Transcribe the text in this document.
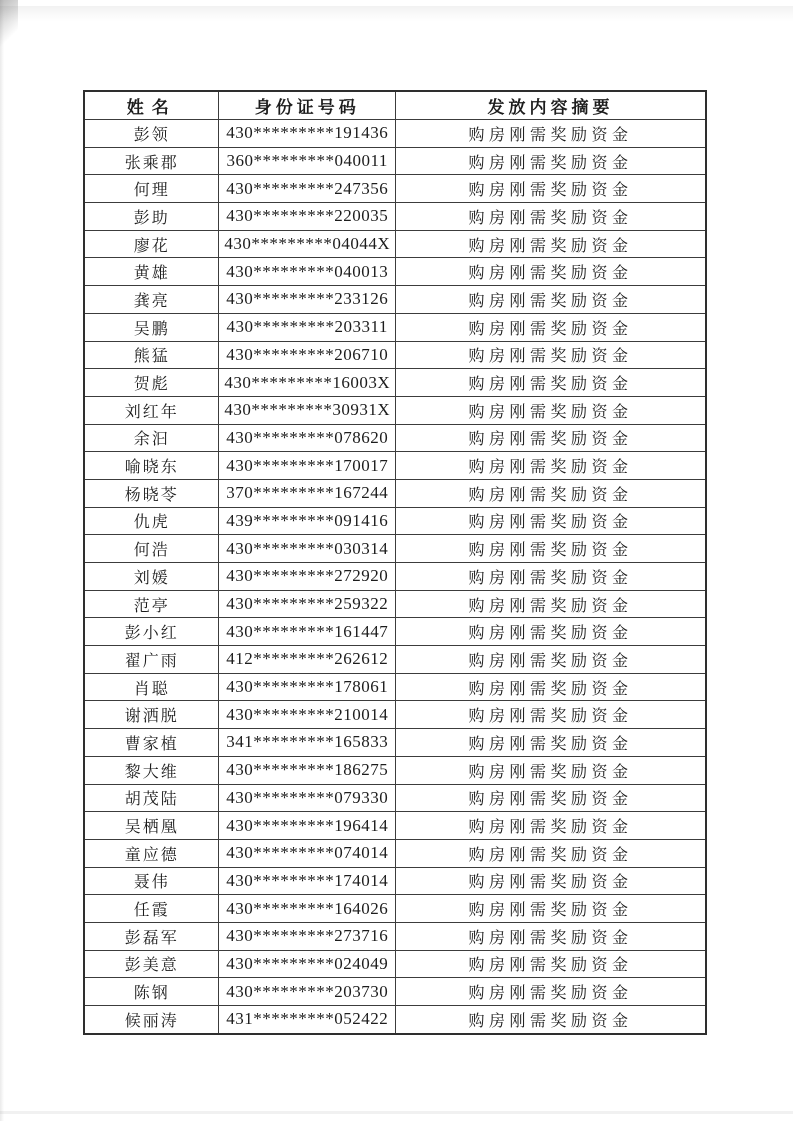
姓名	身份证号码	发放内容摘要
彭领	430*********191436	购房刚需奖励资金
张乘郡	360*********040011	购房刚需奖励资金
何理	430*********247356	购房刚需奖励资金
彭助	430*********220035	购房刚需奖励资金
廖花	430*********04044X	购房刚需奖励资金
黄雄	430*********040013	购房刚需奖励资金
龚亮	430*********233126	购房刚需奖励资金
吴鹏	430*********203311	购房刚需奖励资金
熊猛	430*********206710	购房刚需奖励资金
贺彪	430*********16003X	购房刚需奖励资金
刘红年	430*********30931X	购房刚需奖励资金
余汩	430*********078620	购房刚需奖励资金
喻晓东	430*********170017	购房刚需奖励资金
杨晓苓	370*********167244	购房刚需奖励资金
仇虎	439*********091416	购房刚需奖励资金
何浩	430*********030314	购房刚需奖励资金
刘媛	430*********272920	购房刚需奖励资金
范亭	430*********259322	购房刚需奖励资金
彭小红	430*********161447	购房刚需奖励资金
翟广雨	412*********262612	购房刚需奖励资金
肖聪	430*********178061	购房刚需奖励资金
谢洒脱	430*********210014	购房刚需奖励资金
曹家植	341*********165833	购房刚需奖励资金
黎大维	430*********186275	购房刚需奖励资金
胡茂陆	430*********079330	购房刚需奖励资金
吴栖凰	430*********196414	购房刚需奖励资金
童应德	430*********074014	购房刚需奖励资金
聂伟	430*********174014	购房刚需奖励资金
任霞	430*********164026	购房刚需奖励资金
彭磊军	430*********273716	购房刚需奖励资金
彭美意	430*********024049	购房刚需奖励资金
陈钢	430*********203730	购房刚需奖励资金
候丽涛	431*********052422	购房刚需奖励资金
